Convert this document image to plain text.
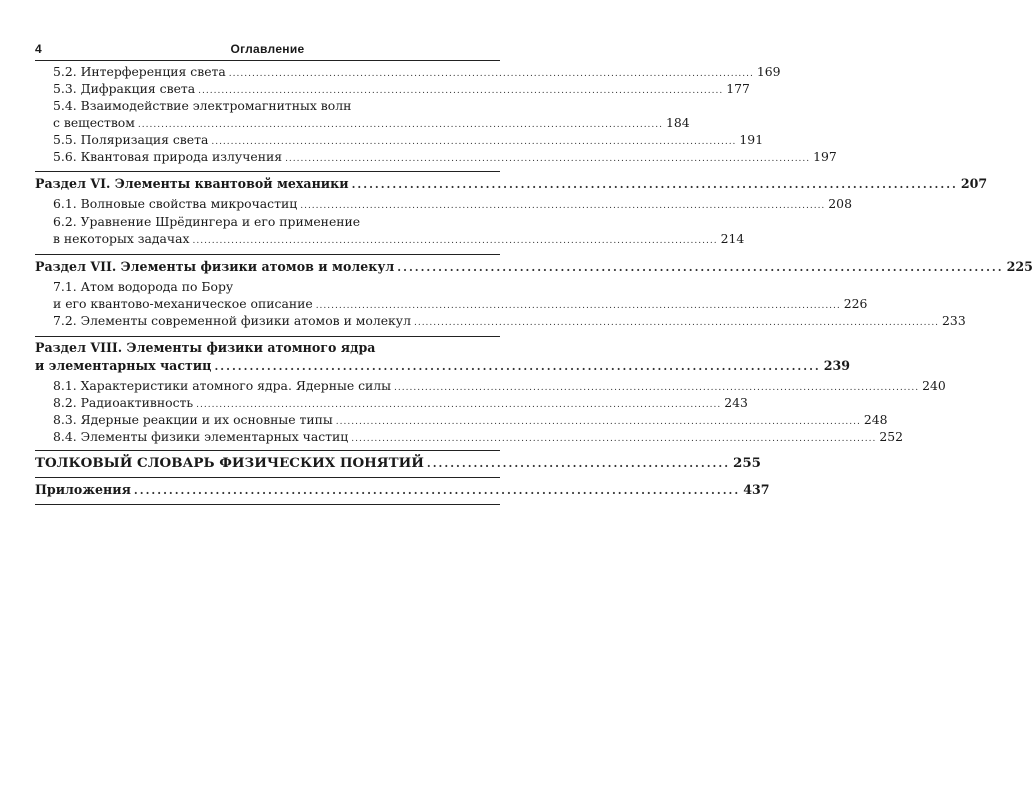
4	Оглавление
5.2. Интерференция света ........................................................................................................................................ 169
5.3. Дифракция света ........................................................................................................................................ 177
5.4. Взаимодействие электромагнитных волн
с веществом ........................................................................................................................................ 184
5.5. Поляризация света ........................................................................................................................................ 191
5.6. Квантовая природа излучения ........................................................................................................................................ 197
Раздел VI. Элементы квантовой механики ........................................................................................................ 207
6.1. Волновые свойства микрочастиц ........................................................................................................................................ 208
6.2. Уравнение Шрёдингера и его применение
в некоторых задачах ........................................................................................................................................ 214
Раздел VII. Элементы физики атомов и молекул ........................................................................................................ 225
7.1. Атом водорода по Бору
и его квантово-механическое описание ........................................................................................................................................ 226
7.2. Элементы современной физики атомов и молекул ........................................................................................................................................ 233
Раздел VIII. Элементы физики атомного ядра
и элементарных частиц ........................................................................................................ 239
8.1. Характеристики атомного ядра. Ядерные силы ........................................................................................................................................ 240
8.2. Радиоактивность ........................................................................................................................................ 243
8.3. Ядерные реакции и их основные типы ........................................................................................................................................ 248
8.4. Элементы физики элементарных частиц ........................................................................................................................................ 252
ТОЛКОВЫЙ СЛОВАРЬ ФИЗИЧЕСКИХ ПОНЯТИЙ .................................................... 255
Приложения ........................................................................................................ 437
